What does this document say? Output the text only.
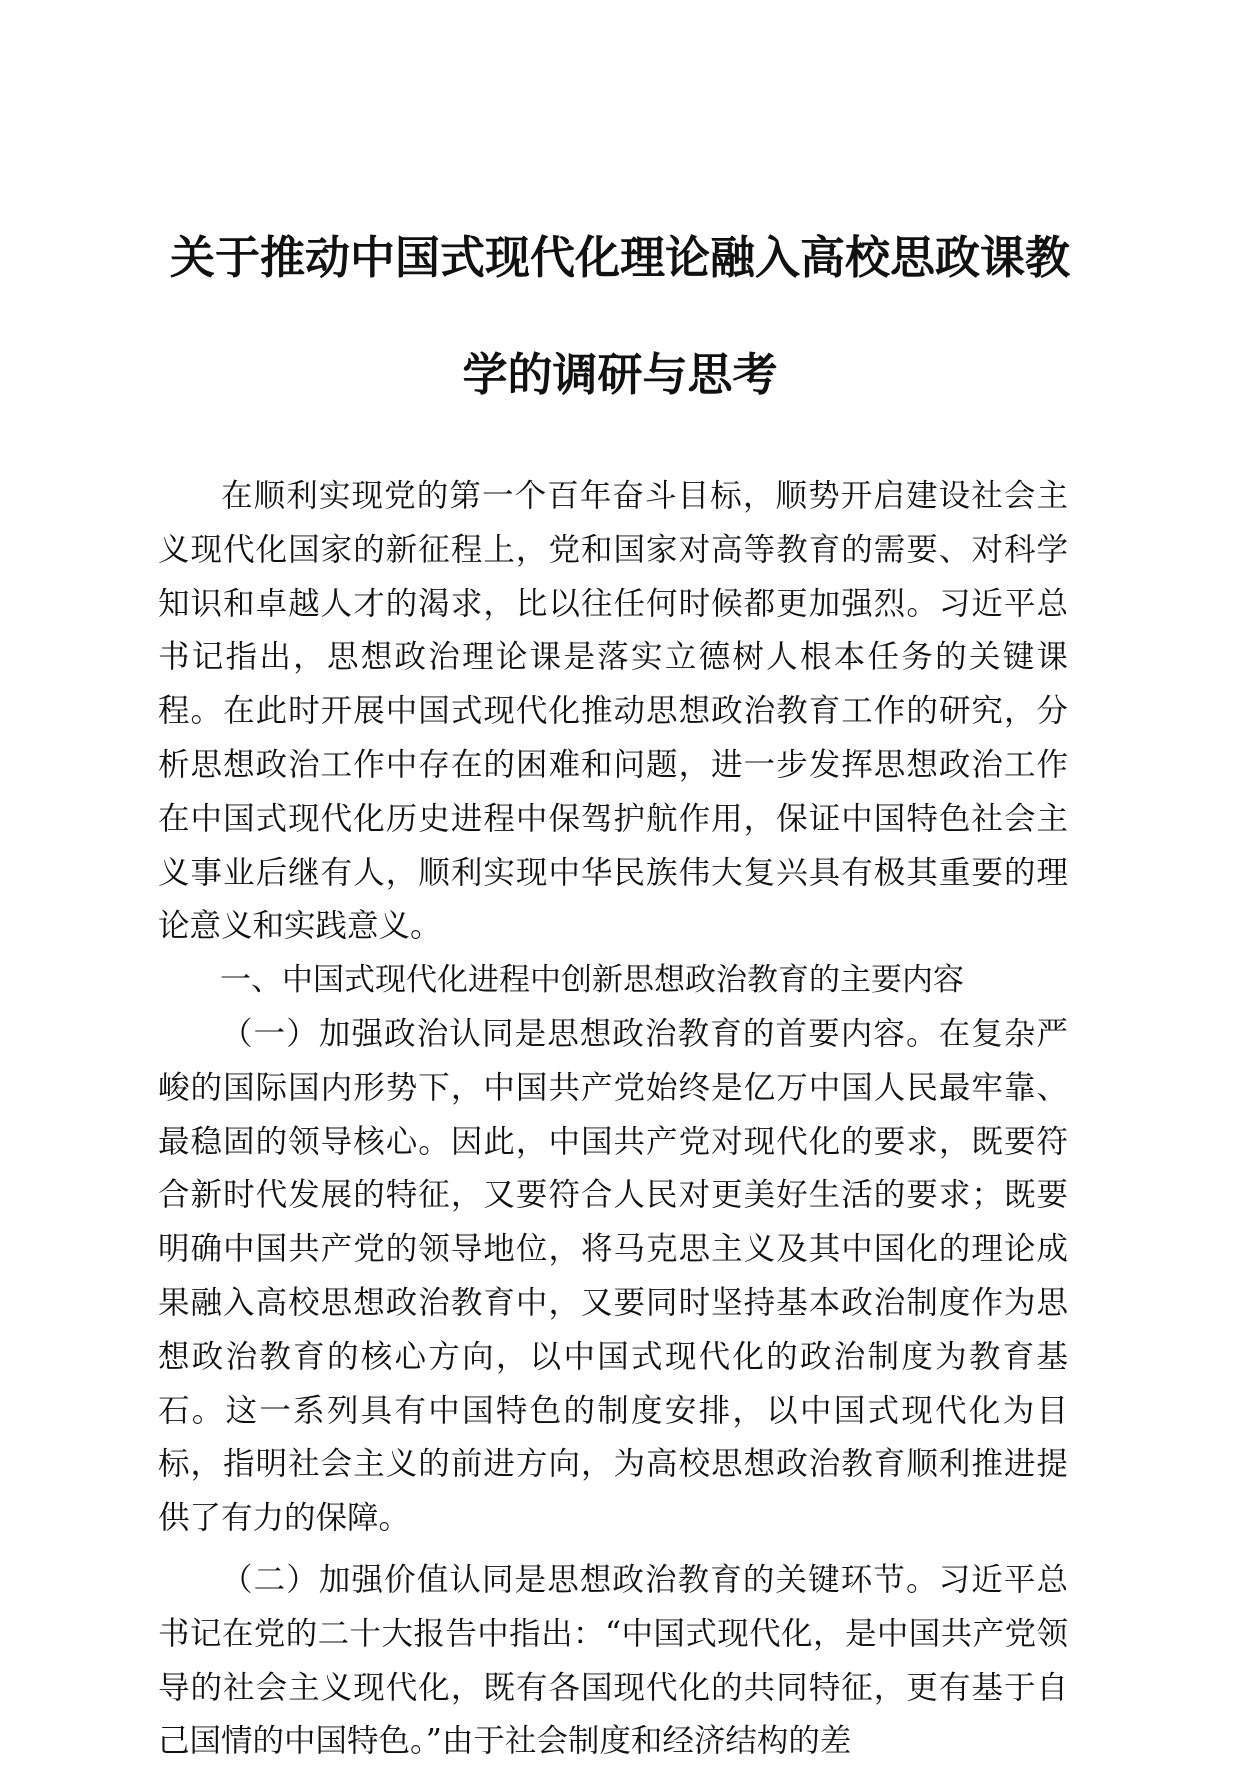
关于推动中国式现代化理论融入高校思政课教
学的调研与思考

在顺利实现党的第一个百年奋斗目标，顺势开启建设社会主义现代化国家的新征程上，党和国家对高等教育的需要、对科学知识和卓越人才的渴求，比以往任何时候都更加强烈。习近平总书记指出，思想政治理论课是落实立德树人根本任务的关键课程。在此时开展中国式现代化推动思想政治教育工作的研究，分析思想政治工作中存在的困难和问题，进一步发挥思想政治工作在中国式现代化历史进程中保驾护航作用，保证中国特色社会主义事业后继有人，顺利实现中华民族伟大复兴具有极其重要的理论意义和实践意义。

一、中国式现代化进程中创新思想政治教育的主要内容

（一）加强政治认同是思想政治教育的首要内容。在复杂严峻的国际国内形势下，中国共产党始终是亿万中国人民最牢靠、最稳固的领导核心。因此，中国共产党对现代化的要求，既要符合新时代发展的特征，又要符合人民对更美好生活的要求；既要明确中国共产党的领导地位，将马克思主义及其中国化的理论成果融入高校思想政治教育中，又要同时坚持基本政治制度作为思想政治教育的核心方向，以中国式现代化的政治制度为教育基石。这一系列具有中国特色的制度安排，以中国式现代化为目标，指明社会主义的前进方向，为高校思想政治教育顺利推进提供了有力的保障。

（二）加强价值认同是思想政治教育的关键环节。习近平总书记在党的二十大报告中指出：“中国式现代化，是中国共产党领导的社会主义现代化，既有各国现代化的共同特征，更有基于自己国情的中国特色。”由于社会制度和经济结构的差
